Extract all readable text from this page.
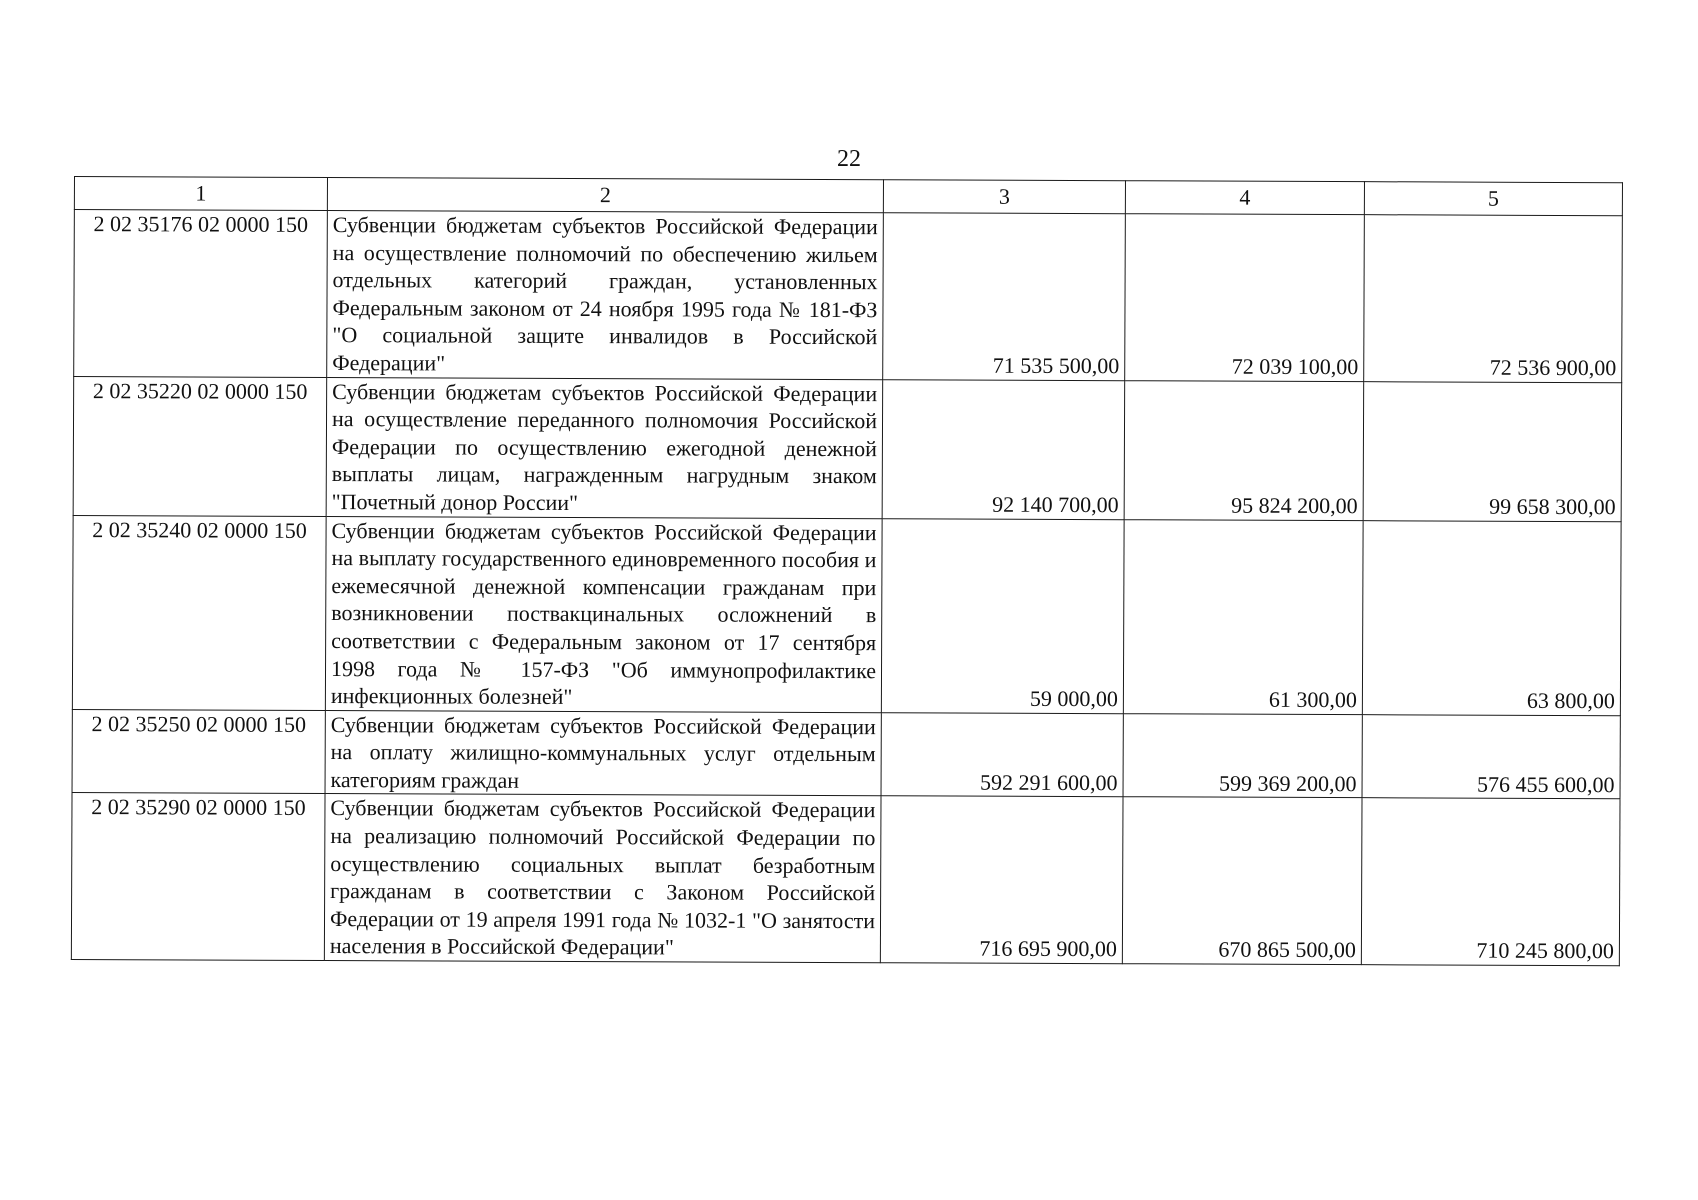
22
1	2	3	4	5
2 02 35176 02 0000 150	Субвенции бюджетам субъектов Российской Федерации на осуществление полномочий по обеспечению жильем отдельных категорий граждан, установленных Федеральным законом от 24 ноября 1995 года № 181-ФЗ "О социальной защите инвалидов в Российской Федерации"	71 535 500,00	72 039 100,00	72 536 900,00
2 02 35220 02 0000 150	Субвенции бюджетам субъектов Российской Федерации на осуществление переданного полномочия Российской Федерации по осуществлению ежегодной денежной выплаты лицам, награжденным нагрудным знаком "Почетный донор России"	92 140 700,00	95 824 200,00	99 658 300,00
2 02 35240 02 0000 150	Субвенции бюджетам субъектов Российской Федерации на выплату государственного единовременного пособия и ежемесячной денежной компенсации гражданам при возникновении поствакцинальных осложнений в соответствии с Федеральным законом от 17 сентября 1998 года № 157-ФЗ "Об иммунопрофилактике инфекционных болезней"	59 000,00	61 300,00	63 800,00
2 02 35250 02 0000 150	Субвенции бюджетам субъектов Российской Федерации на оплату жилищно-коммунальных услуг отдельным категориям граждан	592 291 600,00	599 369 200,00	576 455 600,00
2 02 35290 02 0000 150	Субвенции бюджетам субъектов Российской Федерации на реализацию полномочий Российской Федерации по осуществлению социальных выплат безработным гражданам в соответствии с Законом Российской Федерации от 19 апреля 1991 года № 1032-1 "О занятости населения в Российской Федерации"	716 695 900,00	670 865 500,00	710 245 800,00
